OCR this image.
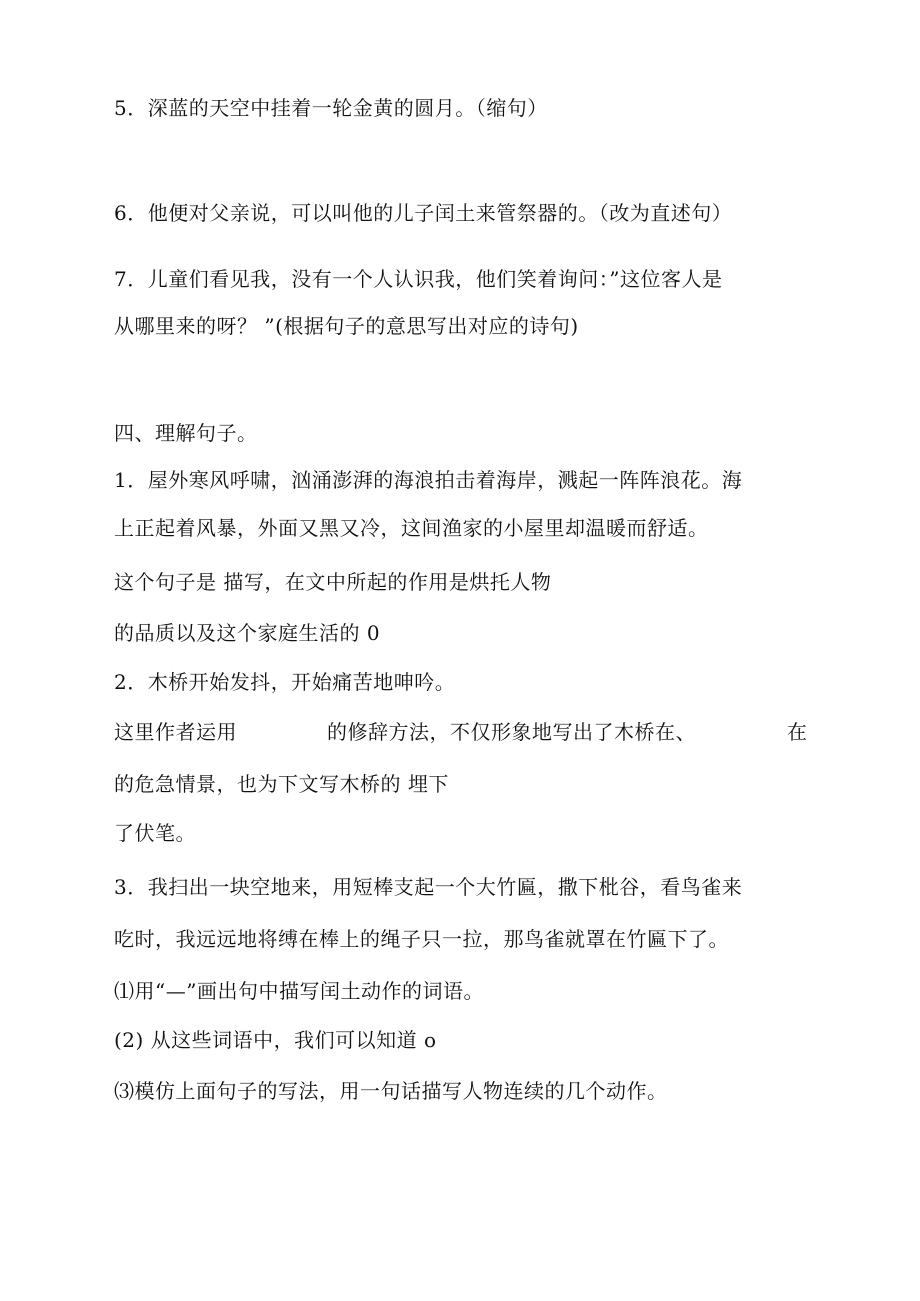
5．深蓝的天空中挂着一轮金黄的圆月。（缩句）
6．他便对父亲说，可以叫他的儿子闰土来管祭器的。（改为直述句）
7．儿童们看见我，没有一个人认识我，他们笑着询问：”这位客人是
从哪里来的呀？ ”(根据句子的意思写出对应的诗句)
四、理解句子。
1．屋外寒风呼啸，汹涌澎湃的海浪拍击着海岸，溅起一阵阵浪花。海
上正起着风暴，外面又黑又冷，这间渔家的小屋里却温暖而舒适。
这个句子是 描写，在文中所起的作用是烘托人物
的品质以及这个家庭生活的 0
2．木桥开始发抖，开始痛苦地呻吟。
这里作者运用	的修辞方法，不仅形象地写出了木桥在、	在
的危急情景，也为下文写木桥的 埋下
了伏笔。
3．我扫出一块空地来，用短棒支起一个大竹匾，撒下枇谷，看鸟雀来
吃时，我远远地将缚在棒上的绳子只一拉，那鸟雀就罩在竹匾下了。
⑴用“—”画出句中描写闰土动作的词语。
(2) 从这些词语中，我们可以知道 o
⑶模仿上面句子的写法，用一句话描写人物连续的几个动作。
